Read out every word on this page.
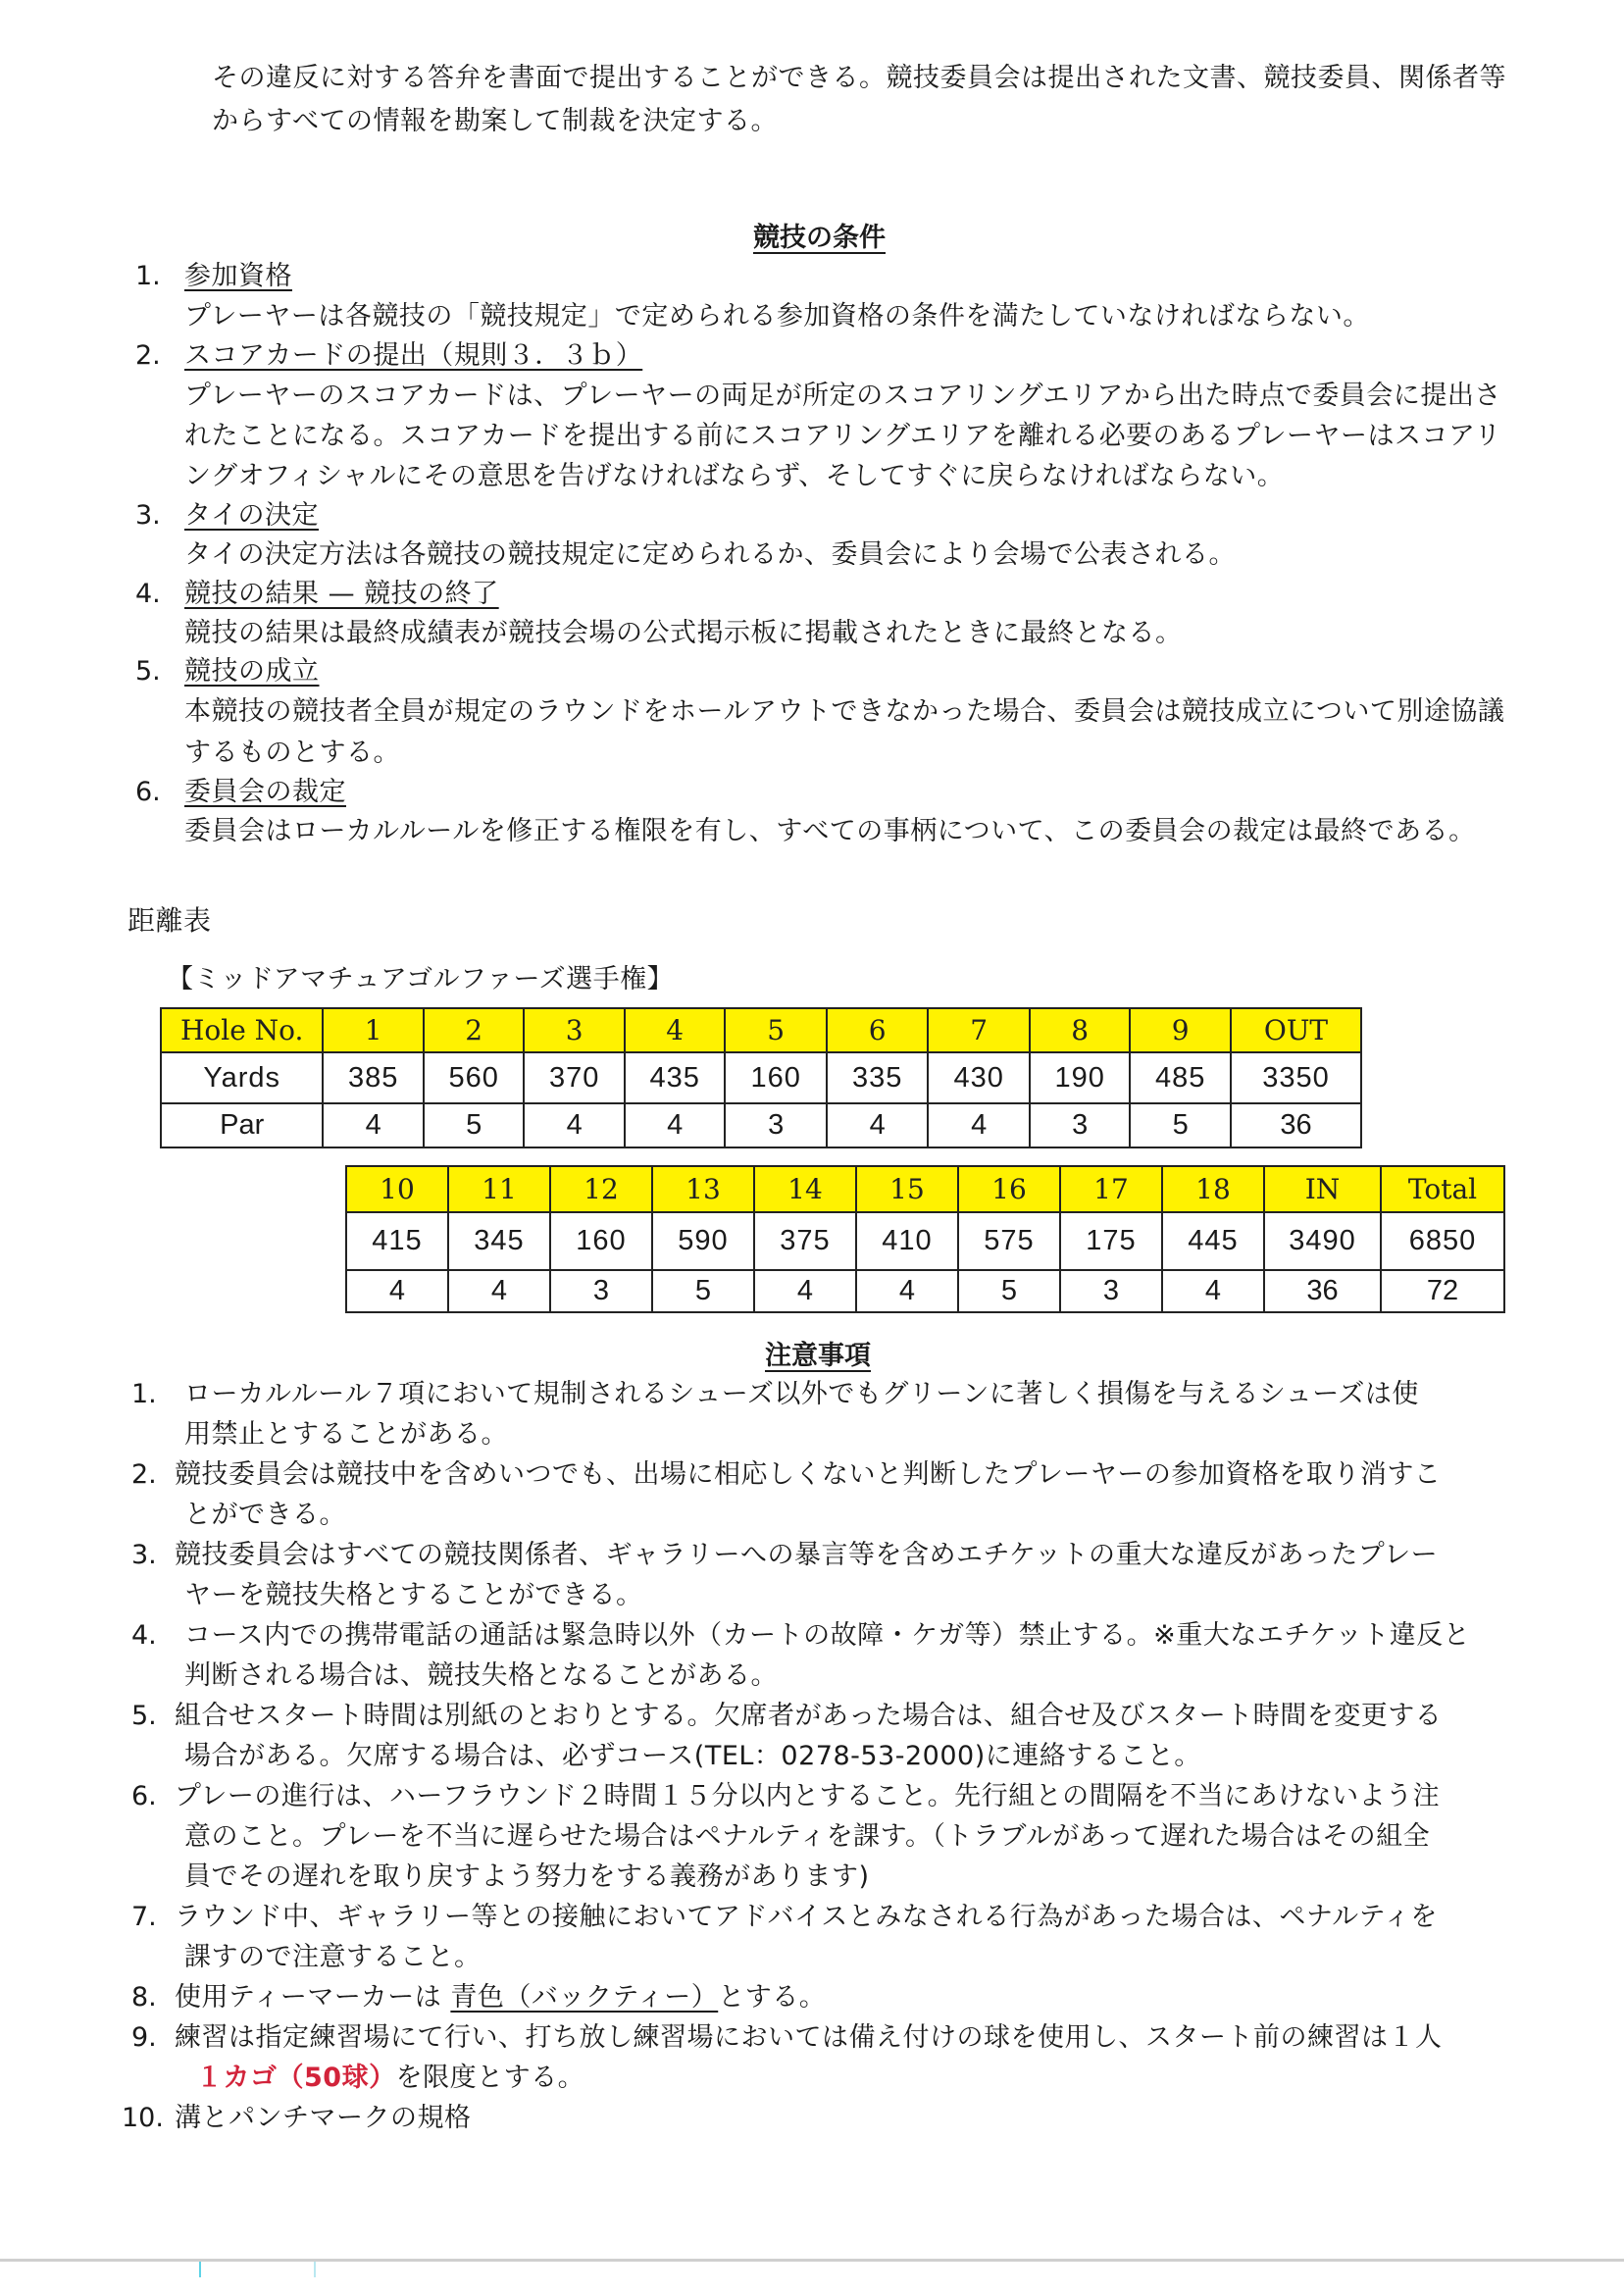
その違反に対する答弁を書面で提出することができる。競技委員会は提出された文書、競技委員、関係者等
からすべての情報を勘案して制裁を決定する。
競技の条件
1. 参加資格
プレーヤーは各競技の「競技規定」で定められる参加資格の条件を満たしていなければならない。
2. スコアカードの提出（規則３．３ｂ）
プレーヤーのスコアカードは、プレーヤーの両足が所定のスコアリングエリアから出た時点で委員会に提出さ
れたことになる。スコアカードを提出する前にスコアリングエリアを離れる必要のあるプレーヤーはスコアリ
ングオフィシャルにその意思を告げなければならず、そしてすぐに戻らなければならない。
3. タイの決定
タイの決定方法は各競技の競技規定に定められるか、委員会により会場で公表される。
4. 競技の結果 — 競技の終了
競技の結果は最終成績表が競技会場の公式掲示板に掲載されたときに最終となる。
5. 競技の成立
本競技の競技者全員が規定のラウンドをホールアウトできなかった場合、委員会は競技成立について別途協議
するものとする。
6. 委員会の裁定
委員会はローカルルールを修正する権限を有し、すべての事柄について、この委員会の裁定は最終である。
距離表
【ミッドアマチュアゴルファーズ選手権】
Hole No.	1	2	3	4	5	6	7	8	9	OUT
Yards	385	560	370	435	160	335	430	190	485	3350
Par	4	5	4	4	3	4	4	3	5	36
10	11	12	13	14	15	16	17	18	IN	Total
415	345	160	590	375	410	575	175	445	3490	6850
4	4	3	5	4	4	5	3	4	36	72
注意事項
1. ローカルルール７項において規制されるシューズ以外でもグリーンに著しく損傷を与えるシューズは使
用禁止とすることがある。
2. 競技委員会は競技中を含めいつでも、出場に相応しくないと判断したプレーヤーの参加資格を取り消すこ
とができる。
3. 競技委員会はすべての競技関係者、ギャラリーへの暴言等を含めエチケットの重大な違反があったプレー
ヤーを競技失格とすることができる。
4. コース内での携帯電話の通話は緊急時以外（カートの故障・ケガ等）禁止する。※重大なエチケット違反と
判断される場合は、競技失格となることがある。
5. 組合せスタート時間は別紙のとおりとする。欠席者があった場合は、組合せ及びスタート時間を変更する
場合がある。欠席する場合は、必ずコース(TEL：0278-53-2000)に連絡すること。
6. プレーの進行は、ハーフラウンド２時間１５分以内とすること。先行組との間隔を不当にあけないよう注
意のこと。プレーを不当に遅らせた場合はペナルティを課す。（トラブルがあって遅れた場合はその組全
員でその遅れを取り戻すよう努力をする義務があります)
7. ラウンド中、ギャラリー等との接触においてアドバイスとみなされる行為があった場合は、ペナルティを
課すので注意すること。
8. 使用ティーマーカーは 青色（バックティー）とする。
9. 練習は指定練習場にて行い、打ち放し練習場においては備え付けの球を使用し、スタート前の練習は１人
１カゴ（50球）を限度とする。
10. 溝とパンチマークの規格
